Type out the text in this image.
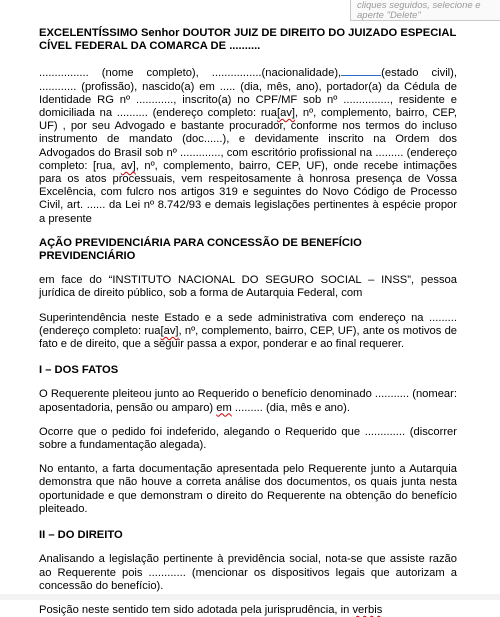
cliques seguidos, selecione e
aperte "Delete"

EXCELENTÍSSIMO Senhor DOUTOR JUIZ DE DIREITO DO JUIZADO ESPECIAL
CÍVEL FEDERAL DA COMARCA DE ..........

................ (nome completo), ................(nacionalidade),	(estado civil), ............ (profissão), nascido(a) em ..... (dia, mês, ano), portador(a) da Cédula de Identidade RG nº ............, inscrito(a) no CPF/MF sob nº ..............., residente e domiciliada na .......... (endereço completo: rua[av], nº, complemento, bairro, CEP, UF) , por seu Advogado e bastante procurador, conforme nos termos do incluso instrumento de mandato (doc......), e devidamente inscrito na Ordem dos Advogados do Brasil sob nº ............., com escritório profissional na ......... (endereço completo: [rua, av], nº, complemento, bairro, CEP, UF), onde recebe intimações para os atos processuais, vem respeitosamente à honrosa presença de Vossa Excelência, com fulcro nos artigos 319 e seguintes do Novo Código de Processo Civil, art. ...... da Lei nº 8.742/93 e demais legislações pertinentes à espécie propor a presente

AÇÃO PREVIDENCIÁRIA PARA CONCESSÃO DE BENEFÍCIO PREVIDENCIÁRIO

em face do “INSTITUTO NACIONAL DO SEGURO SOCIAL – INSS”, pessoa jurídica de direito público, sob a forma de Autarquia Federal, com

Superintendência neste Estado e a sede administrativa com endereço na ......... (endereço completo: rua[av], nº, complemento, bairro, CEP, UF), ante os motivos de fato e de direito, que a seguir passa a expor, ponderar e ao final requerer.

I – DOS FATOS

O Requerente pleiteou junto ao Requerido o benefício denominado ........... (nomear: aposentadoria, pensão ou amparo) em ......... (dia, mês e ano).

Ocorre que o pedido foi indeferido, alegando o Requerido que ............. (discorrer sobre a fundamentação alegada).

No entanto, a farta documentação apresentada pelo Requerente junto a Autarquia demonstra que não houve a correta análise dos documentos, os quais junta nesta oportunidade e que demonstram o direito do Requerente na obtenção do benefício pleiteado.

II – DO DIREITO

Analisando a legislação pertinente à previdência social, nota-se que assiste razão ao Requerente pois ............ (mencionar os dispositivos legais que autorizam a concessão do benefício).

Posição neste sentido tem sido adotada pela jurisprudência, in verbis
